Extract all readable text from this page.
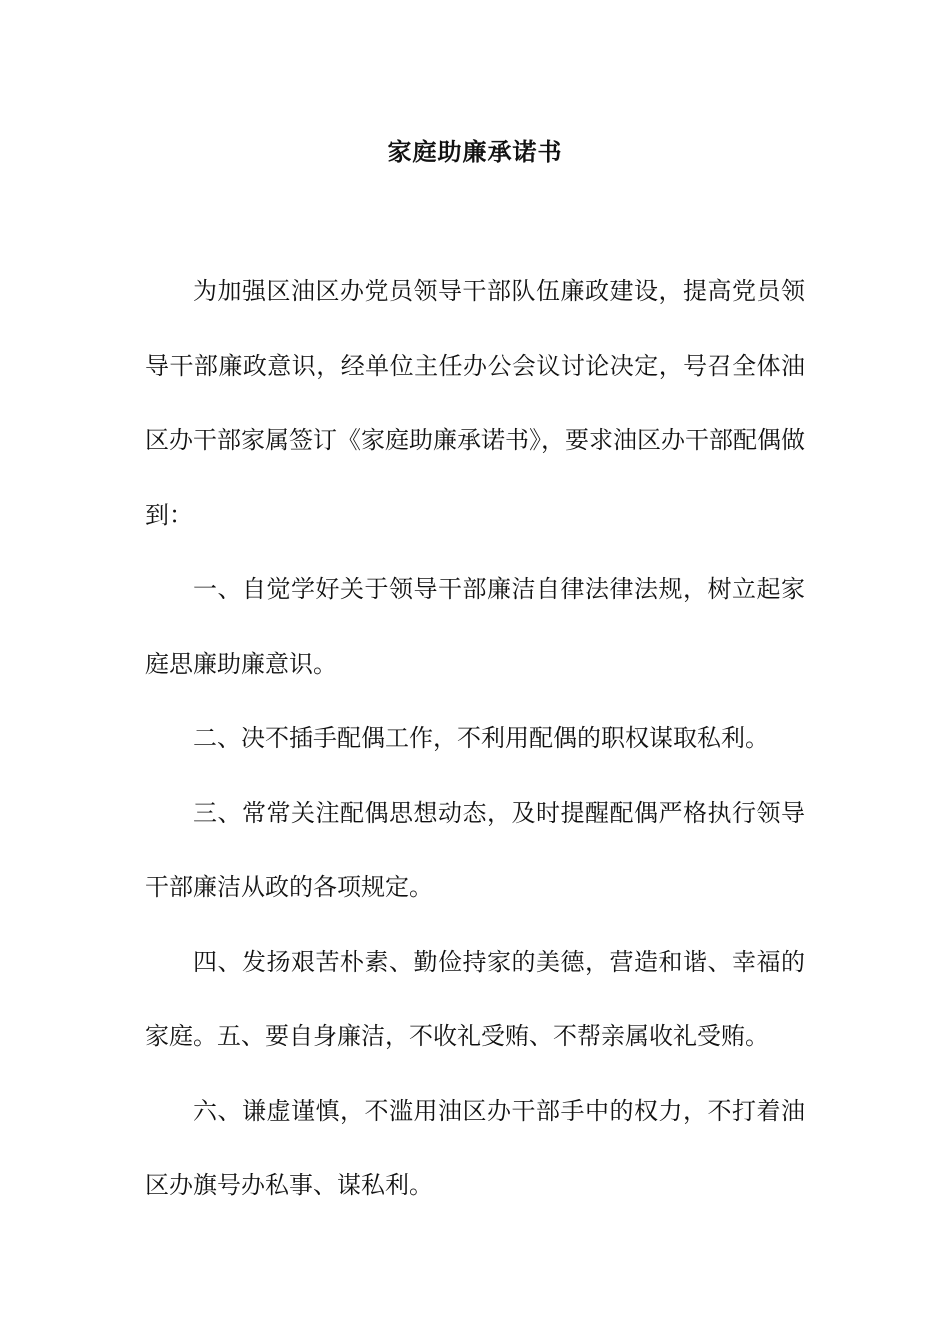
家庭助廉承诺书

为加强区油区办党员领导干部队伍廉政建设，提高党员领导干部廉政意识，经单位主任办公会议讨论决定，号召全体油区办干部家属签订《家庭助廉承诺书》，要求油区办干部配偶做到：

一、自觉学好关于领导干部廉洁自律法律法规，树立起家庭思廉助廉意识。

二、决不插手配偶工作，不利用配偶的职权谋取私利。

三、常常关注配偶思想动态，及时提醒配偶严格执行领导干部廉洁从政的各项规定。

四、发扬艰苦朴素、勤俭持家的美德，营造和谐、幸福的家庭。五、要自身廉洁，不收礼受贿、不帮亲属收礼受贿。

六、谦虚谨慎，不滥用油区办干部手中的权力，不打着油区办旗号办私事、谋私利。
